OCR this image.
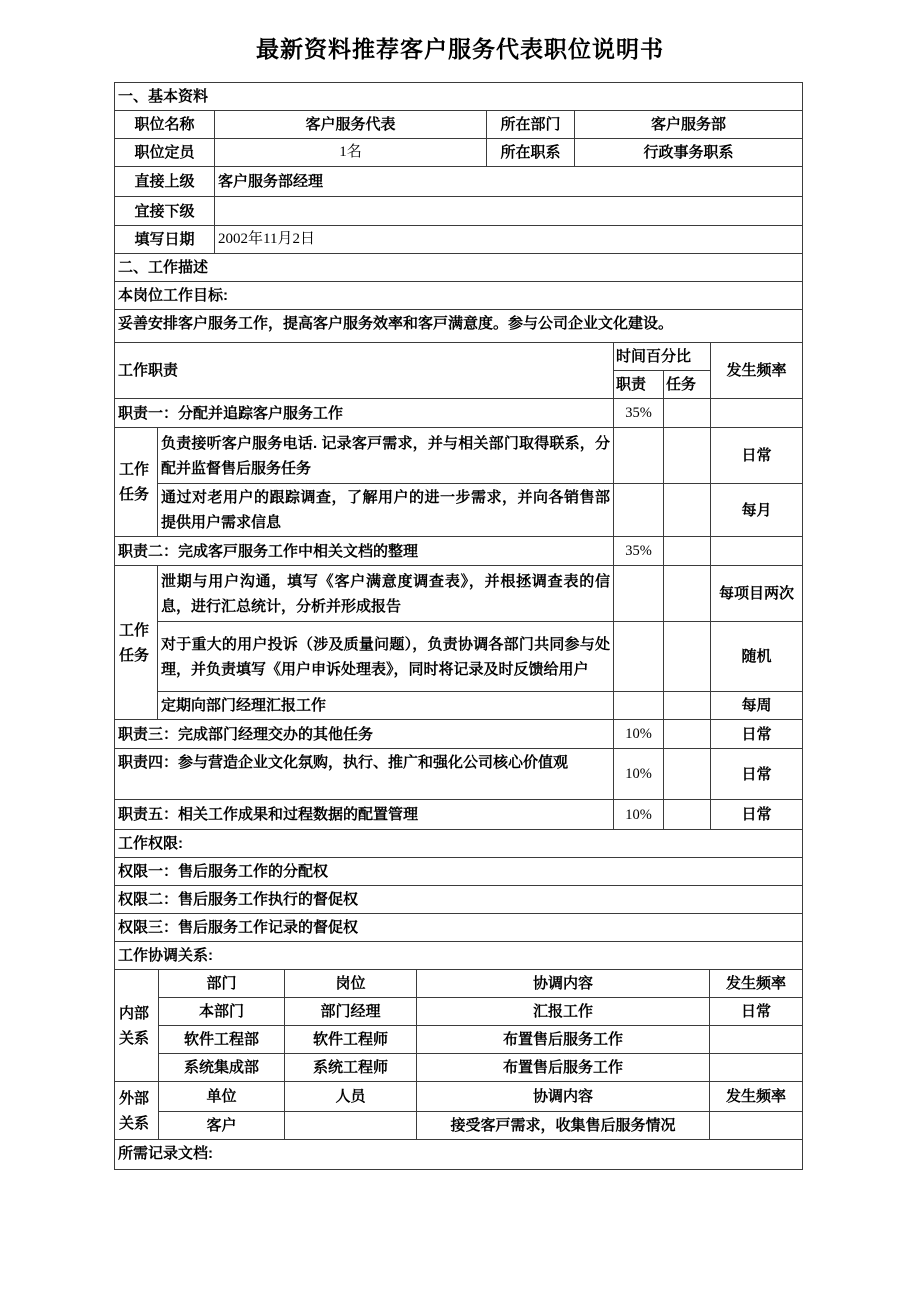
最新资料推荐客户服务代表职位说明书
一、基本资料			
职位名称	客户服务代表	所在部门	客户服务部
职位定员	1名	所在职系	行政事务职系
直接上级	客户服务部经理		
宜接下级			
填写日期	2002年11月2日		
二、工作描述				
本岗位工作目标:				
妥善安排客户服务工作，提高客户服务效率和客戸满意度。参与公司企业文化建设。				
工作职责		时间百分比		发生频率
		职责	任务	
职责一：分配并追踪客户服务工作		35%		
工作任务	负责接听客户服务电话. 记录客戸需求，并与相关部门取得联系，分配并监督售后服务任务			日常
	通过对老用户的跟踪调查，了解用户的进一步需求，并向各销售部提供用户需求信息			每月
职责二：完成客戸服务工作中相关文档的整理		35%		
工作任务	泄期与用户沟通，填写《客户满意度调查表》，并根拯调查表的信息，进行汇总统计，分析并形成报告			每项目两次
	对于重大的用户投诉（涉及质量问题），负责协调各部门共同参与处理，并负责填写《用户申诉处理表》，同时将记录及时反馈给用户			随机
	定期向部门经理汇报工作			每周
职责三：完成部门经理交办的其他任务		10%		日常
职责四：参与营造企业文化氛购，执行、推广和强化公司核心价值观		10%		日常
职责五：相关工作成果和过程数据的配置管理		10%		日常
工作权限:
权限一：售后服务工作的分配权
权限二：售后服务工作执行的督促权
权限三：售后服务工作记录的督促权
工作协调关系:
内部关系	部门	岗位	协调内容	发生频率
	本部门	部门经理	汇报工作	日常
	软件工程部	软件工程师	布置售后服务工作	
	系统集成部	系统工程师	布置售后服务工作	
外部关系	单位	人员	协调内容	发生频率
	客户		接受客戸需求，收集售后服务情况	
所需记录文档:				
